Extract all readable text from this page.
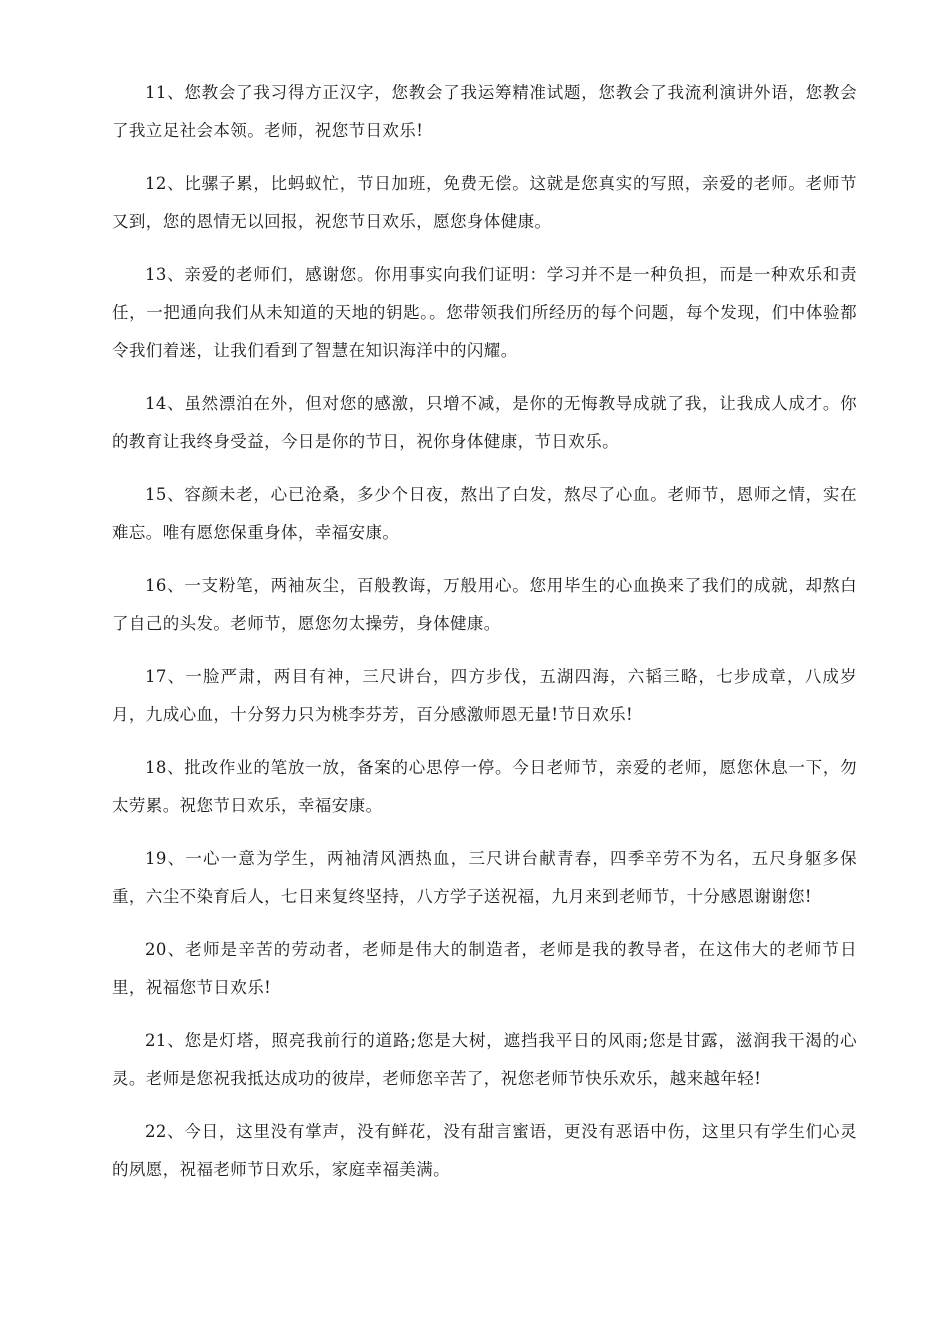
11、您教会了我习得方正汉字，您教会了我运筹精准试题，您教会了我流利演讲外语，您教会了我立足社会本领。老师，祝您节日欢乐!

12、比骡子累，比蚂蚁忙，节日加班，免费无偿。这就是您真实的写照，亲爱的老师。老师节又到，您的恩情无以回报，祝您节日欢乐，愿您身体健康。

13、亲爱的老师们，感谢您。你用事实向我们证明：学习并不是一种负担，而是一种欢乐和责任，一把通向我们从未知道的天地的钥匙。。您带领我们所经历的每个问题，每个发现，们中体验都令我们着迷，让我们看到了智慧在知识海洋中的闪耀。

14、虽然漂泊在外，但对您的感激，只增不减，是你的无悔教导成就了我，让我成人成才。你的教育让我终身受益，今日是你的节日，祝你身体健康，节日欢乐。

15、容颜未老，心已沧桑，多少个日夜，熬出了白发，熬尽了心血。老师节，恩师之情，实在难忘。唯有愿您保重身体，幸福安康。

16、一支粉笔，两袖灰尘，百般教诲，万般用心。您用毕生的心血换来了我们的成就，却熬白了自己的头发。老师节，愿您勿太操劳，身体健康。

17、一脸严肃，两目有神，三尺讲台，四方步伐，五湖四海，六韬三略，七步成章，八成岁月，九成心血，十分努力只为桃李芬芳，百分感激师恩无量!节日欢乐!

18、批改作业的笔放一放，备案的心思停一停。今日老师节，亲爱的老师，愿您休息一下，勿太劳累。祝您节日欢乐，幸福安康。

19、一心一意为学生，两袖清风洒热血，三尺讲台献青春，四季辛劳不为名，五尺身躯多保重，六尘不染育后人，七日来复终坚持，八方学子送祝福，九月来到老师节，十分感恩谢谢您!

20、老师是辛苦的劳动者，老师是伟大的制造者，老师是我的教导者，在这伟大的老师节日里，祝福您节日欢乐!

21、您是灯塔，照亮我前行的道路;您是大树，遮挡我平日的风雨;您是甘露，滋润我干渴的心灵。老师是您祝我抵达成功的彼岸，老师您辛苦了，祝您老师节快乐欢乐，越来越年轻!

22、今日，这里没有掌声，没有鲜花，没有甜言蜜语，更没有恶语中伤，这里只有学生们心灵的夙愿，祝福老师节日欢乐，家庭幸福美满。
